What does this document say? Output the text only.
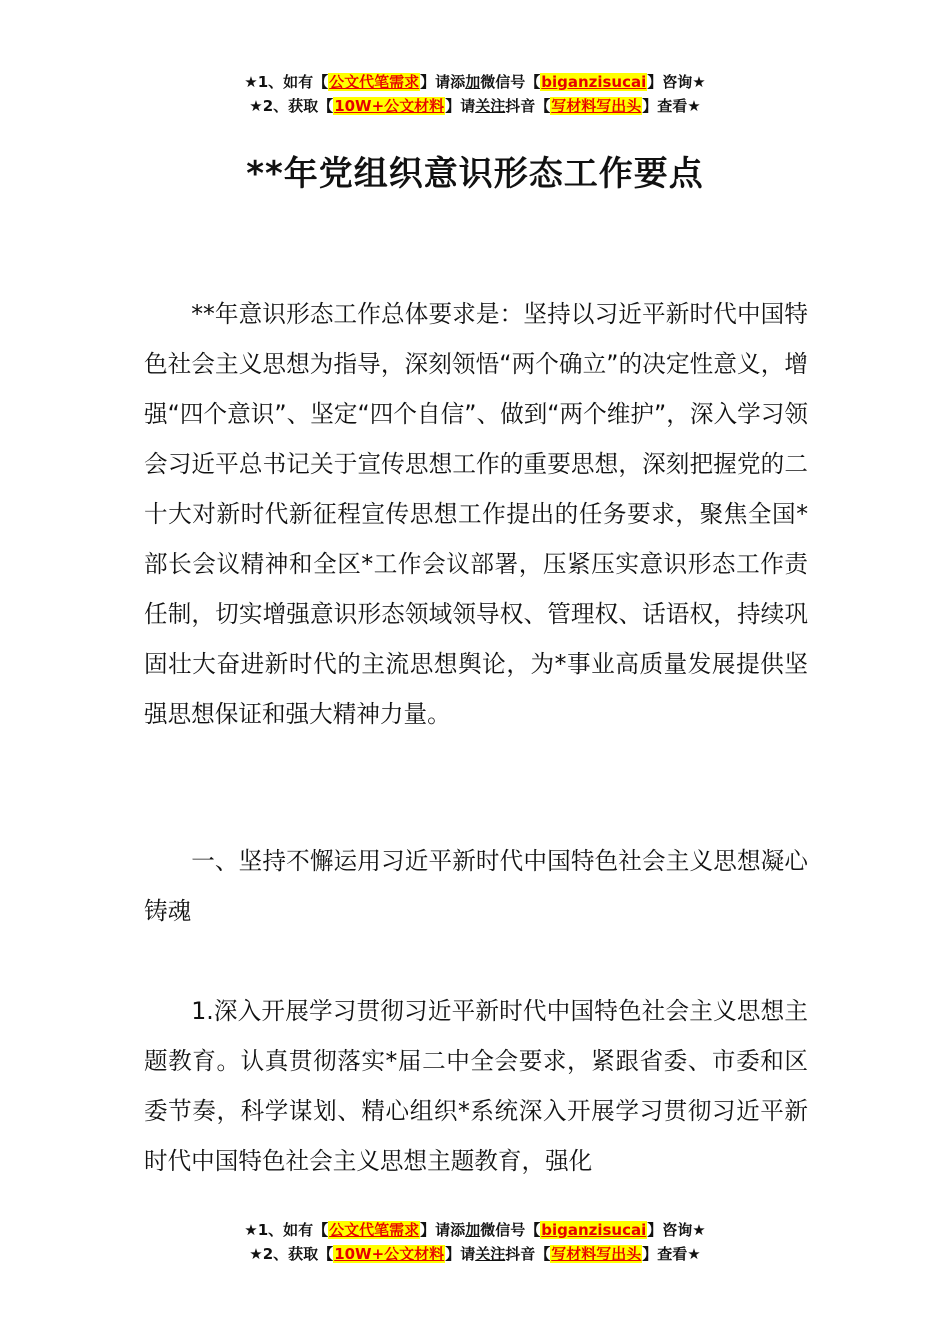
★1、如有【公文代笔需求】请添加微信号【biganzisucai】咨询★
★2、获取【10W+公文材料】请关注抖音【写材料写出头】查看★
**年党组织意识形态工作要点

**年意识形态工作总体要求是：坚持以习近平新时代中国特色社会主义思想为指导，深刻领悟“两个确立”的决定性意义，增强“四个意识”、坚定“四个自信”、做到“两个维护”，深入学习领会习近平总书记关于宣传思想工作的重要思想，深刻把握党的二十大对新时代新征程宣传思想工作提出的任务要求，聚焦全国*部长会议精神和全区*工作会议部署，压紧压实意识形态工作责任制，切实增强意识形态领域领导权、管理权、话语权，持续巩固壮大奋进新时代的主流思想舆论，为*事业高质量发展提供坚强思想保证和强大精神力量。

一、坚持不懈运用习近平新时代中国特色社会主义思想凝心铸魂

1.深入开展学习贯彻习近平新时代中国特色社会主义思想主题教育。认真贯彻落实*届二中全会要求，紧跟省委、市委和区委节奏，科学谋划、精心组织*系统深入开展学习贯彻习近平新时代中国特色社会主义思想主题教育，强化

★1、如有【公文代笔需求】请添加微信号【biganzisucai】咨询★
★2、获取【10W+公文材料】请关注抖音【写材料写出头】查看★
